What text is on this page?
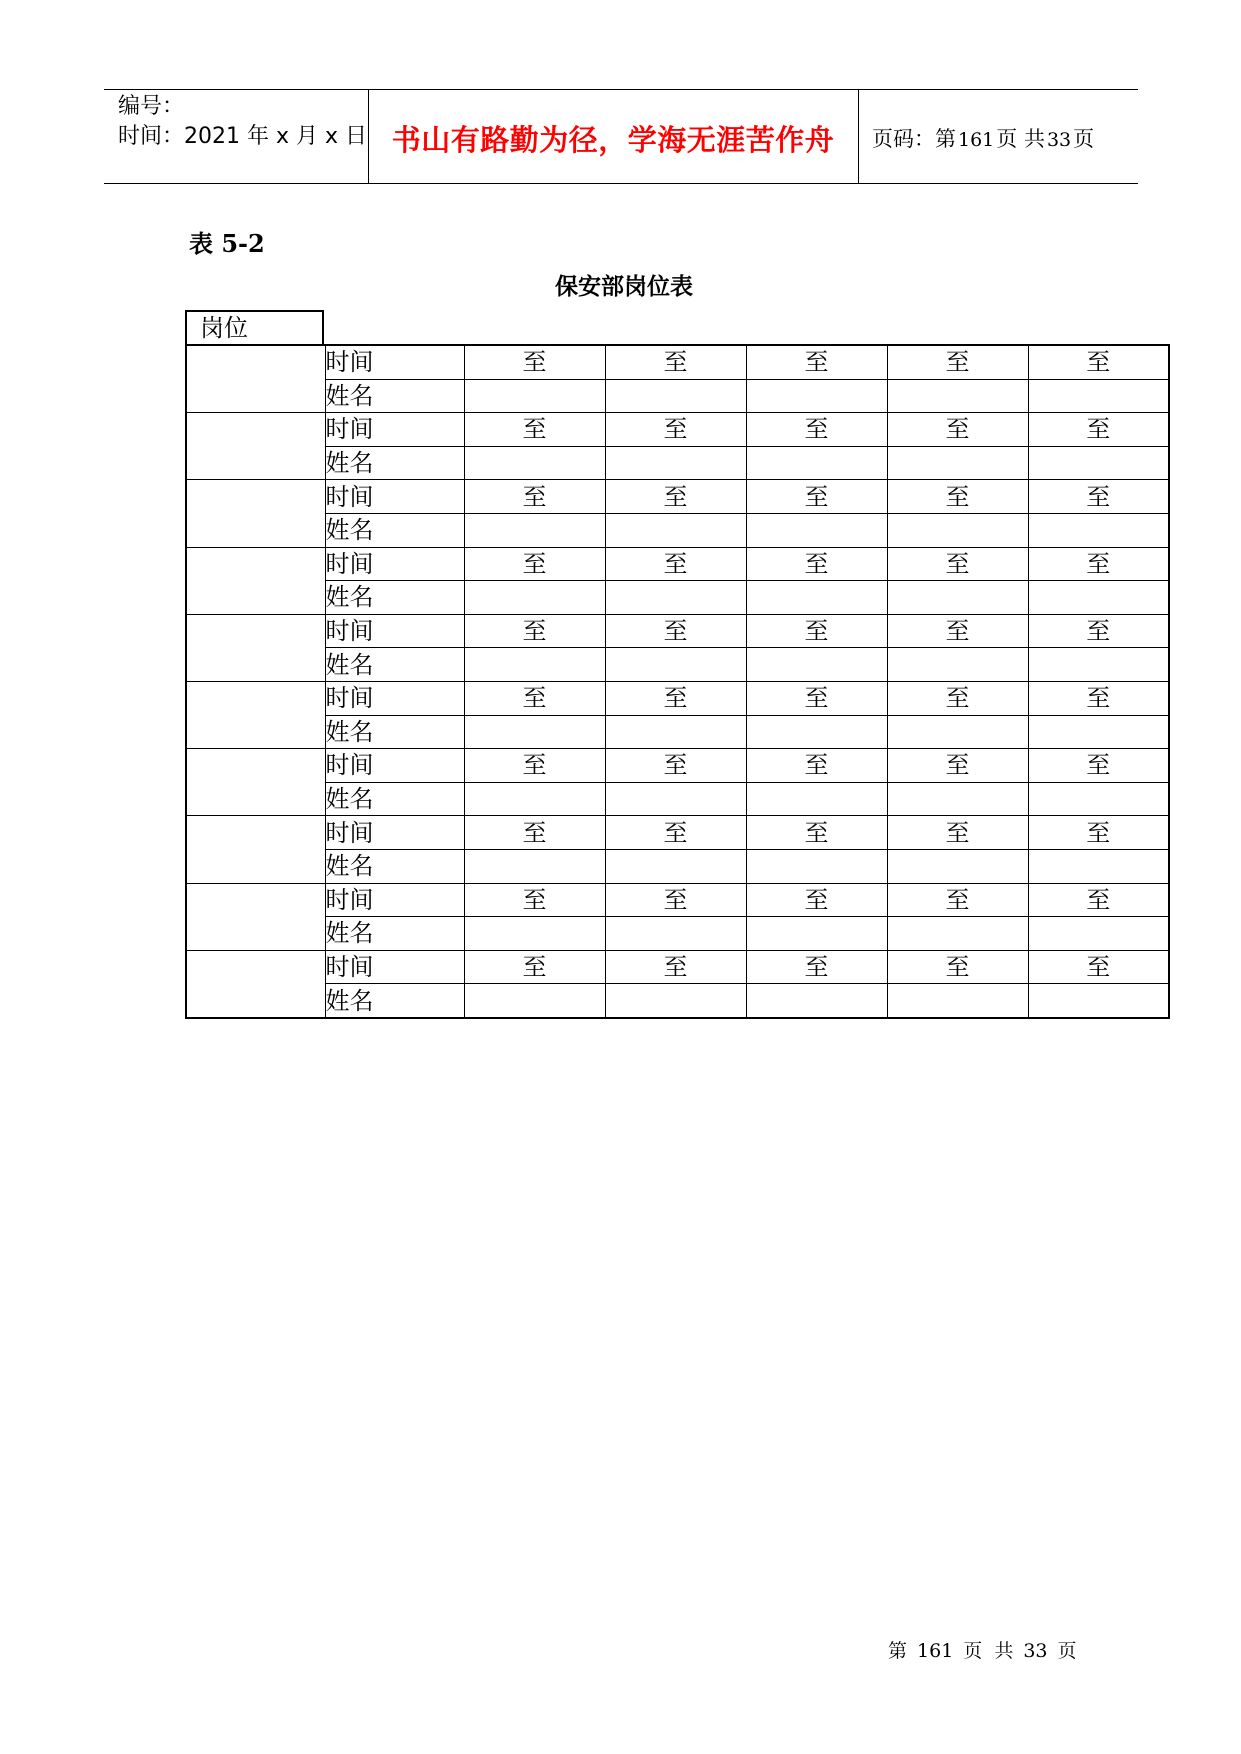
编号：
时间：2021 年 x 月 x 日 书山有路勤为径，学海无涯苦作舟	页码：第 161页 共 33页
表 5-2
保安部岗位表
岗位
	时间	至	至	至	至	至
	姓名					
	时间	至	至	至	至	至
	姓名					
	时间	至	至	至	至	至
	姓名					
	时间	至	至	至	至	至
	姓名					
	时间	至	至	至	至	至
	姓名					
	时间	至	至	至	至	至
	姓名					
	时间	至	至	至	至	至
	姓名					
	时间	至	至	至	至	至
	姓名					
	时间	至	至	至	至	至
	姓名					
	时间	至	至	至	至	至
	姓名					
第 161 页 共 33 页
